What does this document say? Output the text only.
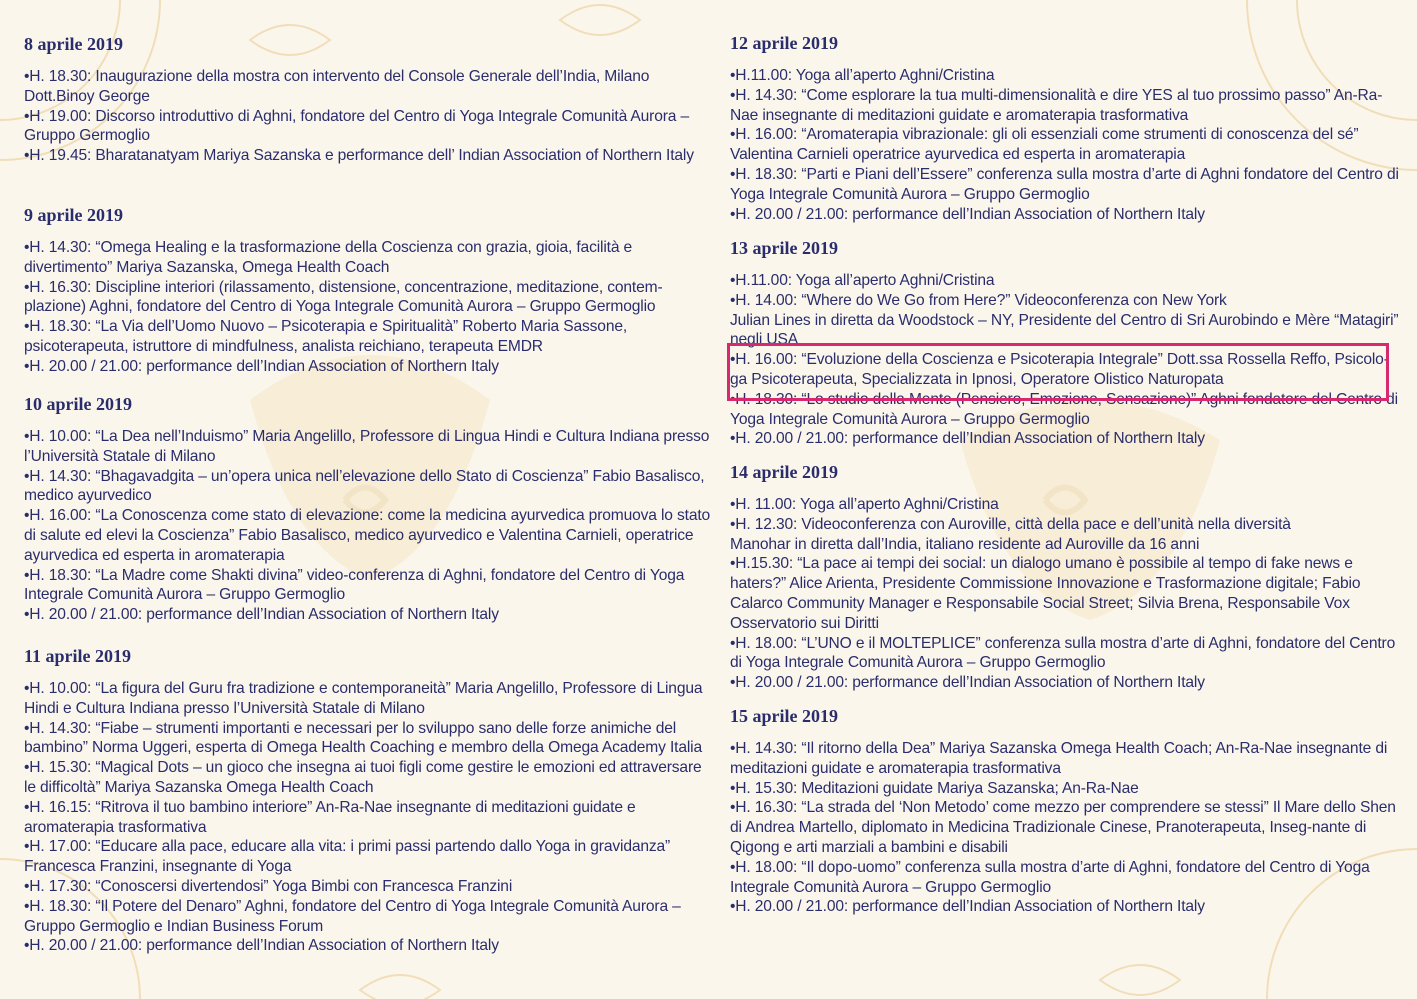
8 aprile 2019
•H. 18.30: Inaugurazione della mostra con intervento del Console Generale dell’India, Milano Dott.Binoy George
•H. 19.00: Discorso introduttivo di Aghni, fondatore del Centro di Yoga Integrale Comunità Aurora – Gruppo Germoglio
•H. 19.45: Bharatanatyam Mariya Sazanska e performance dell’ Indian Association of Northern Italy
9 aprile 2019
•H. 14.30: “Omega Healing e la trasformazione della Coscienza con grazia, gioia, facilità e divertimento” Mariya Sazanska, Omega Health Coach
•H. 16.30: Discipline interiori (rilassamento, distensione, concentrazione, meditazione, contem-plazione) Aghni, fondatore del Centro di Yoga Integrale Comunità Aurora – Gruppo Germoglio
•H. 18.30: “La Via dell’Uomo Nuovo – Psicoterapia e Spiritualità” Roberto Maria Sassone, psicoterapeuta, istruttore di mindfulness, analista reichiano, terapeuta EMDR
•H. 20.00 / 21.00: performance dell’Indian Association of Northern Italy
10 aprile 2019
•H. 10.00: “La Dea nell’Induismo” Maria Angelillo, Professore di Lingua Hindi e Cultura Indiana presso l’Università Statale di Milano
•H. 14.30: “Bhagavadgita – un’opera unica nell’elevazione dello Stato di Coscienza” Fabio Basalisco, medico ayurvedico
•H. 16.00: “La Conoscenza come stato di elevazione: come la medicina ayurvedica promuova lo stato di salute ed elevi la Coscienza” Fabio Basalisco, medico ayurvedico e Valentina Carnieli, operatrice ayurvedica ed esperta in aromaterapia
•H. 18.30: “La Madre come Shakti divina” video-conferenza di Aghni, fondatore del Centro di Yoga Integrale Comunità Aurora – Gruppo Germoglio
•H. 20.00 / 21.00: performance dell’Indian Association of Northern Italy
11 aprile 2019
•H. 10.00: “La figura del Guru fra tradizione e contemporaneità” Maria Angelillo, Professore di Lingua Hindi e Cultura Indiana presso l’Università Statale di Milano
•H. 14.30: “Fiabe – strumenti importanti e necessari per lo sviluppo sano delle forze animiche del bambino” Norma Uggeri, esperta di Omega Health Coaching e membro della Omega Academy Italia
•H. 15.30: “Magical Dots – un gioco che insegna ai tuoi figli come gestire le emozioni ed attraversare le difficoltà” Mariya Sazanska Omega Health Coach
•H. 16.15: “Ritrova il tuo bambino interiore” An-Ra-Nae insegnante di meditazioni guidate e aromaterapia trasformativa
•H. 17.00: “Educare alla pace, educare alla vita: i primi passi partendo dallo Yoga in gravidanza” Francesca Franzini, insegnante di Yoga
•H. 17.30: “Conoscersi divertendosi” Yoga Bimbi con Francesca Franzini
•H. 18.30: “Il Potere del Denaro” Aghni, fondatore del Centro di Yoga Integrale Comunità Aurora – Gruppo Germoglio e Indian Business Forum
•H. 20.00 / 21.00: performance dell’Indian Association of Northern Italy
12 aprile 2019
•H.11.00: Yoga all’aperto Aghni/Cristina
•H. 14.30: “Come esplorare la tua multi-dimensionalità e dire YES al tuo prossimo passo” An-Ra-Nae insegnante di meditazioni guidate e aromaterapia trasformativa
•H. 16.00: “Aromaterapia vibrazionale: gli oli essenziali come strumenti di conoscenza del sé” Valentina Carnieli operatrice ayurvedica ed esperta in aromaterapia
•H. 18.30: “Parti e Piani dell’Essere” conferenza sulla mostra d’arte di Aghni fondatore del Centro di Yoga Integrale Comunità Aurora – Gruppo Germoglio
•H. 20.00 / 21.00: performance dell’Indian Association of Northern Italy
13 aprile 2019
•H.11.00: Yoga all’aperto Aghni/Cristina
•H. 14.00: “Where do We Go from Here?” Videoconferenza con New York
Julian Lines in diretta da Woodstock – NY, Presidente del Centro di Sri Aurobindo e Mère “Matagiri” negli USA
•H. 16.00: “Evoluzione della Coscienza e Psicoterapia Integrale” Dott.ssa Rossella Reffo, Psicolo-ga Psicoterapeuta, Specializzata in Ipnosi, Operatore Olistico Naturopata
•H. 18.30: “Lo studio della Mente (Pensiero, Emozione, Sensazione)” Aghni fondatore del Centro di Yoga Integrale Comunità Aurora – Gruppo Germoglio
•H. 20.00 / 21.00: performance dell’Indian Association of Northern Italy
14 aprile 2019
•H. 11.00: Yoga all’aperto Aghni/Cristina
•H. 12.30: Videoconferenza con Auroville, città della pace e dell’unità nella diversità
Manohar in diretta dall’India, italiano residente ad Auroville da 16 anni
•H.15.30: “La pace ai tempi dei social: un dialogo umano è possibile al tempo di fake news e haters?” Alice Arienta, Presidente Commissione Innovazione e Trasformazione digitale; Fabio Calarco Community Manager e Responsabile Social Street; Silvia Brena, Responsabile Vox Osservatorio sui Diritti
•H. 18.00: “L’UNO e il MOLTEPLICE” conferenza sulla mostra d’arte di Aghni, fondatore del Centro di Yoga Integrale Comunità Aurora – Gruppo Germoglio
•H. 20.00 / 21.00: performance dell’Indian Association of Northern Italy
15 aprile 2019
•H. 14.30: “Il ritorno della Dea” Mariya Sazanska Omega Health Coach; An-Ra-Nae insegnante di meditazioni guidate e aromaterapia trasformativa
•H. 15.30: Meditazioni guidate Mariya Sazanska; An-Ra-Nae
•H. 16.30: “La strada del ‘Non Metodo’ come mezzo per comprendere se stessi” Il Mare dello Shen di Andrea Martello, diplomato in Medicina Tradizionale Cinese, Pranoterapeuta, Inseg-nante di Qigong e arti marziali a bambini e disabili
•H. 18.00: “Il dopo-uomo” conferenza sulla mostra d’arte di Aghni, fondatore del Centro di Yoga Integrale Comunità Aurora – Gruppo Germoglio
•H. 20.00 / 21.00: performance dell’Indian Association of Northern Italy
